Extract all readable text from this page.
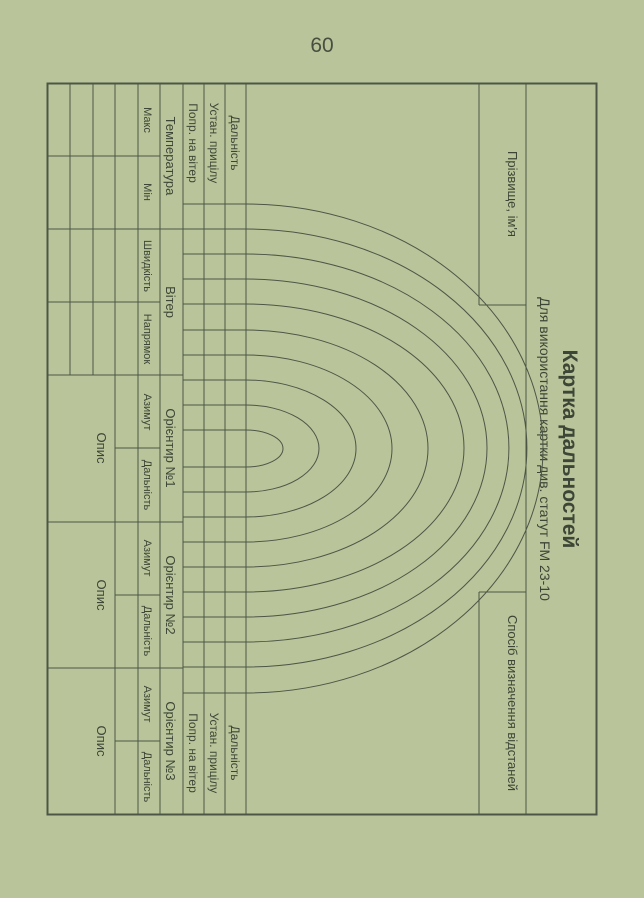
60
Картка дальностей
Для використання картки див. статут FM 23-10
Прізвище, ім'я
Спосіб визначення відстаней
Дальність
Устан. прицілу
Попр. на вітер
Дальність
Устан. прицілу
Попр. на вітер
Температура
Макс
Мін
Вітер
Швидкість
Напрямок
Орієнтир №1
Азимут
Дальність
Опис
Орієнтир №2
Азимут
Дальність
Опис
Орієнтир №3
Азимут
Дальність
Опис
